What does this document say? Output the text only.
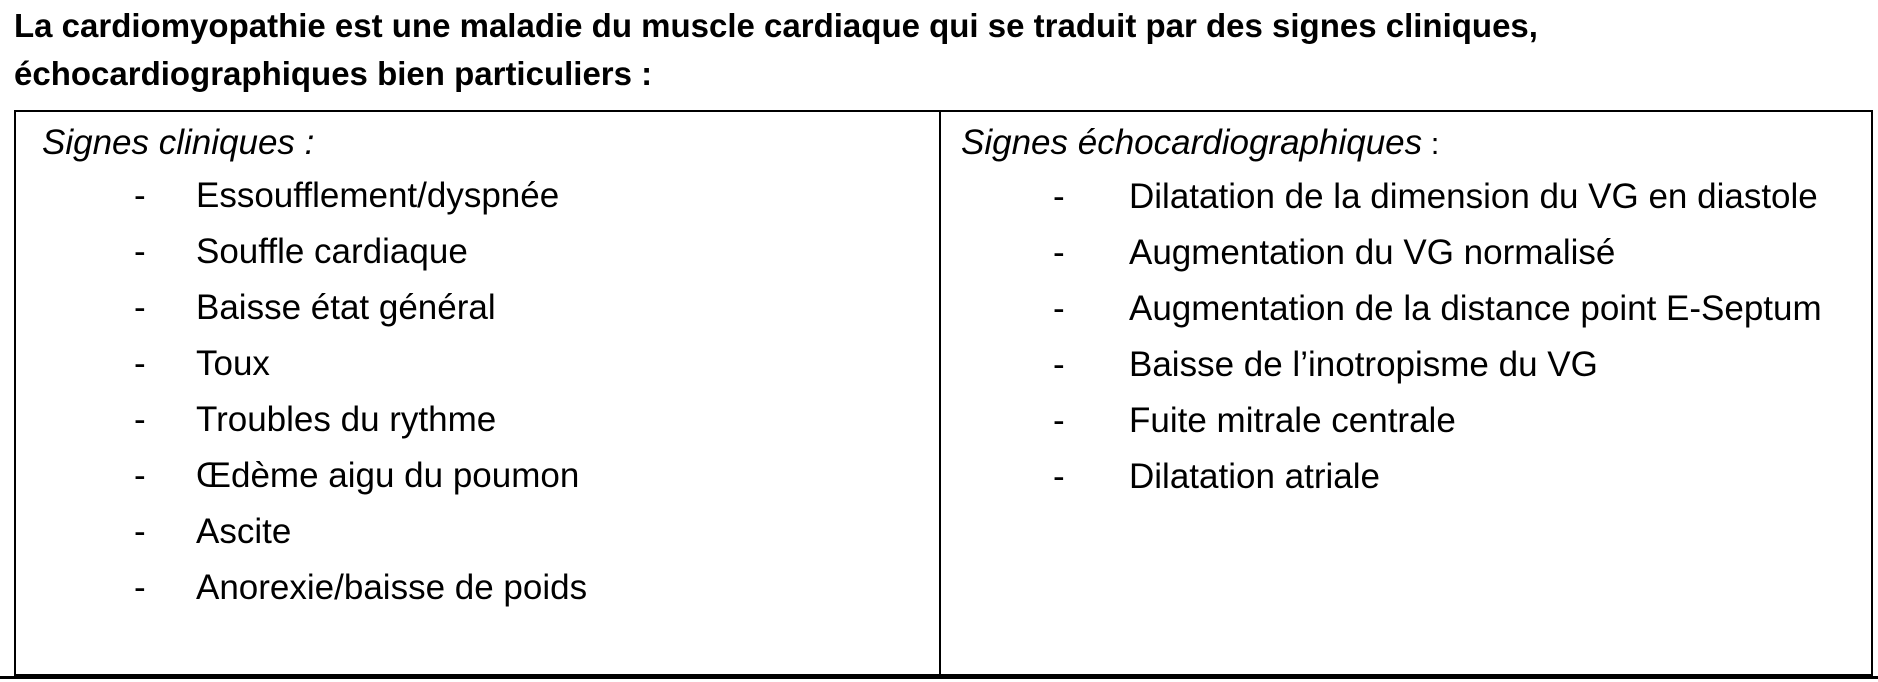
La cardiomyopathie est une maladie du muscle cardiaque qui se traduit par des signes cliniques,
échocardiographiques bien particuliers :

Signes cliniques :
- Essoufflement/dyspnée
- Souffle cardiaque
- Baisse état général
- Toux
- Troubles du rythme
- Œdème aigu du poumon
- Ascite
- Anorexie/baisse de poids
Signes échocardiographiques :
- Dilatation de la dimension du VG en diastole
- Augmentation du VG normalisé
- Augmentation de la distance point E-Septum
- Baisse de l’inotropisme du VG
- Fuite mitrale centrale
- Dilatation atriale
